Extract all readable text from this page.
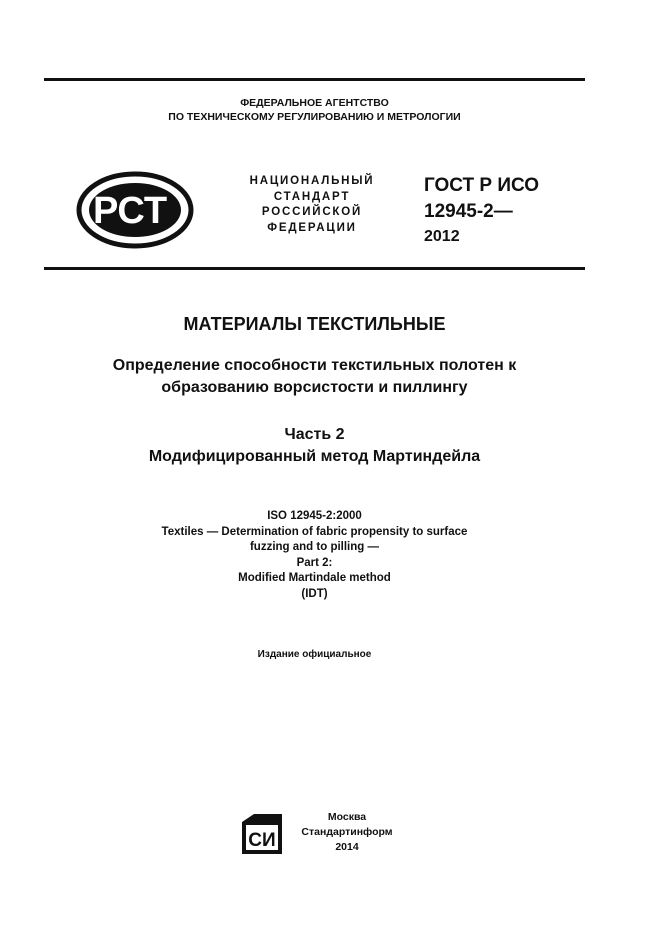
ФЕДЕРАЛЬНОЕ АГЕНТСТВО
ПО ТЕХНИЧЕСКОМУ РЕГУЛИРОВАНИЮ И МЕТРОЛОГИИ
РСТ
НАЦИОНАЛЬНЫЙ
СТАНДАРТ
РОССИЙСКОЙ
ФЕДЕРАЦИИ
ГОСТ Р ИСО
12945-2—
2012
МАТЕРИАЛЫ ТЕКСТИЛЬНЫЕ
Определение способности текстильных полотен к
образованию ворсистости и пиллингу
Часть 2
Модифицированный метод Мартиндейла
ISO 12945-2:2000
Textiles — Determination of fabric propensity to surface
fuzzing and to pilling —
Part 2:
Modified Martindale method
(IDT)
Издание официальное
СИ
Москва
Стандартинформ
2014
